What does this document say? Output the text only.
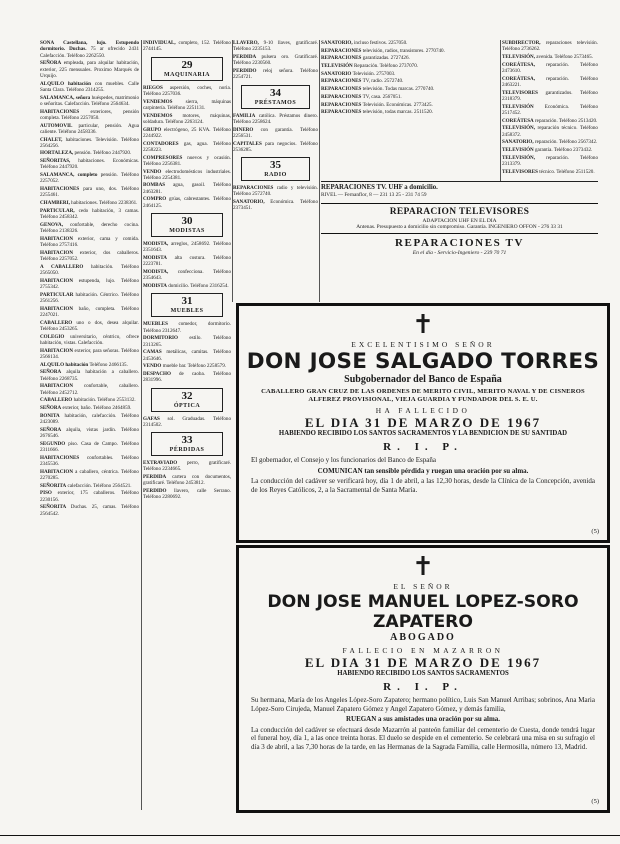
SONA Castellana, lujo. Estupendo dormitorio. Duchas. 75 ar ofrecido 2431 Calefacción. Teléfono 2262550.

SEÑORA empleada, para alquilar habitación, exterior, 225 mensuales. Proximo Marqués de Urquijo.

ALQUILO habitación con muebles. Calle Santa Clara. Teléfono 2314255.

SALAMANCA, señora huéspedes, matrimonio o señoritas. Calefacción. Teléfono 2564634.

HABITACIONES exteriores, pensión completa. Teléfono 2257050.

AUTOMOVIL particular, pensión. Agua caliente. Teléfono 2458336.

CHALET, habitaciones. Televisión. Teléfono 2564256.

HORTALEZA, pensión. Teléfono 2447920.

SEÑORITAS, habitaciones. Económicas. Teléfono 2447920.

SALAMANCA, completo pensión. Teléfono 2257052.

HABITACIONES para uno, dos. Teléfono 2255461.

CHAMBERI, habitaciones. Teléfono 2238361.

PARTICULAR, cedo habitación, 3 camas. Teléfono 2458342.

GENOVA, confortable, derecho cocina. Teléfono 2138326.

HABITACION exterior, cama y comida. Teléfono 2757416.

HABITACION exterior, dos caballeros. Teléfono 2257052.

A CABALLERO habitación. Teléfono 2565050.

HABITACION estupenda, lujo. Teléfono 2755342.

PARTICULAR habitación. Céntrico. Teléfono 2561256.

HABITACION baño, completa. Teléfono 2247021.

CABALLERO uno o dos, desea alquilar. Teléfono 2453265.

COLEGIO universitario, céntrico, ofrece habitación, vistas. Calefacción.

HABITACION exterior, para señoras. Teléfono 2566134.

ALQUILO habitación Teléfono 2466135.

SEÑORA alquila habitación a caballero. Teléfono 2268735.

HABITACION confortable, caballero. Teléfono 2452712.

CABALLERO habitación. Teléfono 2553132.

SEÑORA exterior, baño. Teléfono 2464859.

BONITA habitación, calefacción. Teléfono 2423089.

SEÑORA alquila, vistas jardín. Teléfono 2676546.

SEGUNDO piso. Casa de Campo. Teléfono 2311666.

HABITACIONES confortables. Teléfono 2345536.

HABITACION a caballero, céntrica. Teléfono 2270285.

SEÑORITA calefacción. Teléfono 2564521.

PISO exterior, 175 caballeros. Teléfono 2230156.

SEÑORITA Duchas. 25, camas. Teléfono 2564542.

INDIVIDUAL, completo, 152. Teléfono 2744145.

29
MAQUINARIA

RIEGOS aspersión, coches, noria. Teléfono 2257036.

VENDEMOS	sierra, máquinas carpintería. Teléfono 2251131.

VENDEMOS motores, máquinas, soldadura. Teléfono 2263124.

GRUPO electrógeno, 25 KVA. Teléfono 2244922.

CONTADORES gas, agua. Teléfono 2258223.

COMPRESORES nuevos y ocasión. Teléfono 2256381.

VENDO electrodomésticos industriales. Teléfono 2254381.

BOMBAS agua, gasoil. Teléfono 2463281.

COMPRO grúas, cabrestantes. Teléfono 2464125.

30
MODISTAS

MODISTA, arreglos, 2458692. Teléfono 2351643.

MODISTA alta costura. Teléfono 2223781.

MODISTA, confecciona. Teléfono 2354643.

MODISTA domicilio. Teléfono 2316254.

31
MUEBLES

MUEBLES comedor, dormitorio. Teléfono 2312647.

DORMITORIO estilo. Teléfono 2313265.

CAMAS metálicas, camitas. Teléfono 2453646.

VENDO mueble bar. Teléfono 2258579.

DESPACHO de caoba. Teléfono 2831996.

32
ÓPTICA

GAFAS sol. Graduadas. Teléfono 2314502.

33
PÉRDIDAS

EXTRAVIADO perro, gratificaré. Teléfono 2234665.

PERDIDA cartera con documentos, gratificaré. Teléfono 2453812.

PERDIDO llavero, calle Serrano. Teléfono 2280692.

LLAVERO, 9-10 llaves, gratificaré. Teléfono 2235153.

PERDIDA pulsera oro. Gratificaré. Teléfono 2230560.

PERDIDO reloj señora. Teléfono 2254721.

34
PRÉSTAMOS

FAMILIA católica. Préstamos dinero. Teléfono 2258624.

DINERO con garantía. Teléfono 2256531.

CAPITALES para negocios. Teléfono 2536285.

35
RADIO

REPARACIONES radio y televisión. Teléfono 2572740.

SANATORIO, Económica. Teléfono 2373451.

SANATORIO, incluso festivos. 2257050.

REPARACIONES televisión, radios, transistores. 2770740.

REPARACIONES garantizadas. 2727426.

TELEVISIÓN Reparación. Teléfono 2737070.

SANATORIO Televisión. 2757003.

REPARACIONES TV, radio. 2572740.

REPARACIONES televisión. Todas marcas. 2770740.

REPARACIONES TV, casa. 2567051.

REPARACIONES Televisión. Económicas. 2773425.

REPARACIONES televisión, todas marcas. 2511520.

SUBDIRECTOR, reparaciones televisión. Teléfono 2736262.

TELEVISIÓN, avenida. Teléfono 2573465.

COREÁTESA, reparación. Teléfono 2473610.

COREÁTESA, reparación. Teléfono 2463221.

TELEVISORES garantizados. Teléfono 2318379.

TELEVISIÓN Económica. Teléfono 2517452.

COREÁTESA reparación. Teléfono 2513420.

TELEVISIÓN, reparación técnico. Teléfono 2458372.

SANATORIO, reparación. Teléfono 2567342.

TELEVISIÓN garantía. Teléfono 2373432.

TELEVISIÓN, reparación. Teléfono 2313379.

TELEVISORES técnico. Teléfono 2511520.

REPARACIONES TV. UHF a domicilio.
RIVEL — Fernanflor, 8 — 231 13 25 - 231 74 59
REPARACION TELEVISORES
ADAPTACION UHF EN EL DIA
Antenas. Presupuesto a domicilio sin compromiso. Garantía. INGENIERO OFFON - 276 33 31
REPARACIONES TV
En el día - Servicio-Ingeniero - 239 70 71
✝
EXCELENTISIMO SEÑOR
DON JOSE SALGADO TORRES
Subgobernador del Banco de España
CABALLERO GRAN CRUZ DE LAS ORDENES DE MERITO CIVIL, MERITO NAVAL Y DE CISNEROS ALFEREZ PROVISIONAL, VIEJA GUARDIA Y FUNDADOR DEL S. E. U.
HA FALLECIDO
EL DIA 31 DE MARZO DE 1967
HABIENDO RECIBIDO LOS SANTOS SACRAMENTOS Y LA BENDICION DE SU SANTIDAD
R. I. P.
El gobernador, el Consejo y los funcionarios del Banco de España
COMUNICAN tan sensible pérdida y ruegan una oración por su alma.
La conducción del cadáver se verificará hoy, día 1 de abril, a las 12,30 horas, desde la Clínica de la Concepción, avenida de los Reyes Católicos, 2, a la Sacramental de Santa María.
(5)
✝
EL SEÑOR
DON JOSE MANUEL LOPEZ-SORO ZAPATERO
ABOGADO
FALLECIO EN MAZARRON
EL DIA 31 DE MARZO DE 1967
HABIENDO RECIBIDO LOS SANTOS SACRAMENTOS
R. I. P.
Su hermana, María de los Angeles López-Soro Zapatero; hermano político, Luis San Manuel Arribas; sobrinos, Ana Maria López-Soro Cirujeda, Manuel Zapatero Gómez y Angel Zapatero Gómez, y demás familia,
RUEGAN a sus amistades una oración por su alma.
La conducción del cadáver se efectuará desde Mazarrón al panteón familiar del cementerio de Cuesta, donde tendrá lugar el funeral hoy, día 1, a las once treinta horas. El duelo se despide en el cementerio. Se celebrará una misa en su sufragio el día 3 de abril, a las 7,30 horas de la tarde, en las Hermanas de la Sagrada Familia, calle Hermosilla, número 13, Madrid.
(5)
